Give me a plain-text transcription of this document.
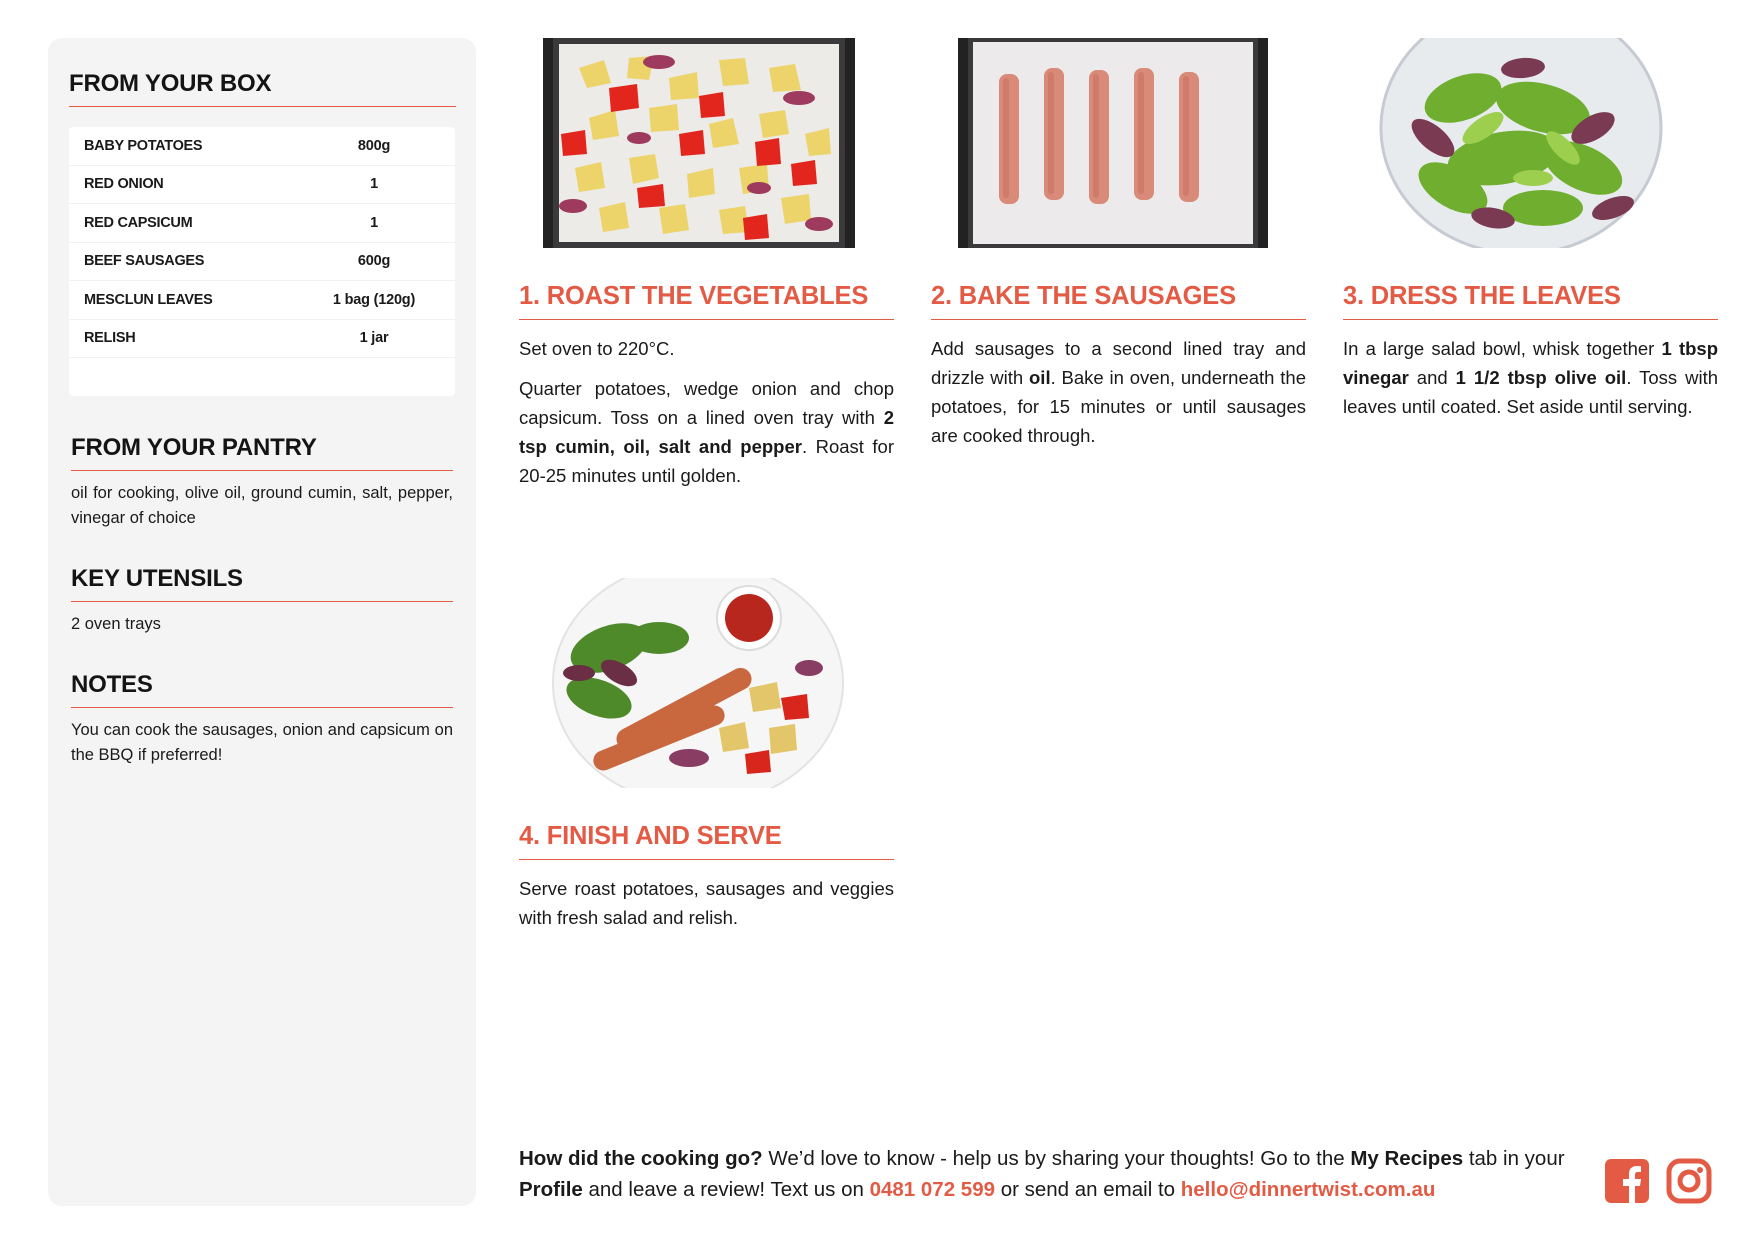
FROM YOUR BOX
BABY POTATOES	800g
RED ONION	1
RED CAPSICUM	1
BEEF SAUSAGES	600g
MESCLUN LEAVES	1 bag (120g)
RELISH	1 jar
FROM YOUR PANTRY
oil for cooking, olive oil, ground cumin, salt, pepper, vinegar of choice
KEY UTENSILS
2 oven trays
NOTES
You can cook the sausages, onion and capsicum on the BBQ if preferred!
1. ROAST THE VEGETABLES

Set oven to 220°C.

Quarter potatoes, wedge onion and chop capsicum. Toss on a lined oven tray with 2 tsp cumin, oil, salt and pepper. Roast for 20-25 minutes until golden.

2. BAKE THE SAUSAGES

Add sausages to a second lined tray and drizzle with oil. Bake in oven, underneath the potatoes, for 15 minutes or until sausages are cooked through.

3. DRESS THE LEAVES

In a large salad bowl, whisk together 1 tbsp vinegar and 1 1/2 tbsp olive oil. Toss with leaves until coated. Set aside until serving.

4. FINISH AND SERVE

Serve roast potatoes, sausages and veggies with fresh salad and relish.

How did the cooking go? We’d love to know - help us by sharing your thoughts! Go to the My Recipes tab in your Profile and leave a review! Text us on 0481 072 599 or send an email to hello@dinnertwist.com.au
